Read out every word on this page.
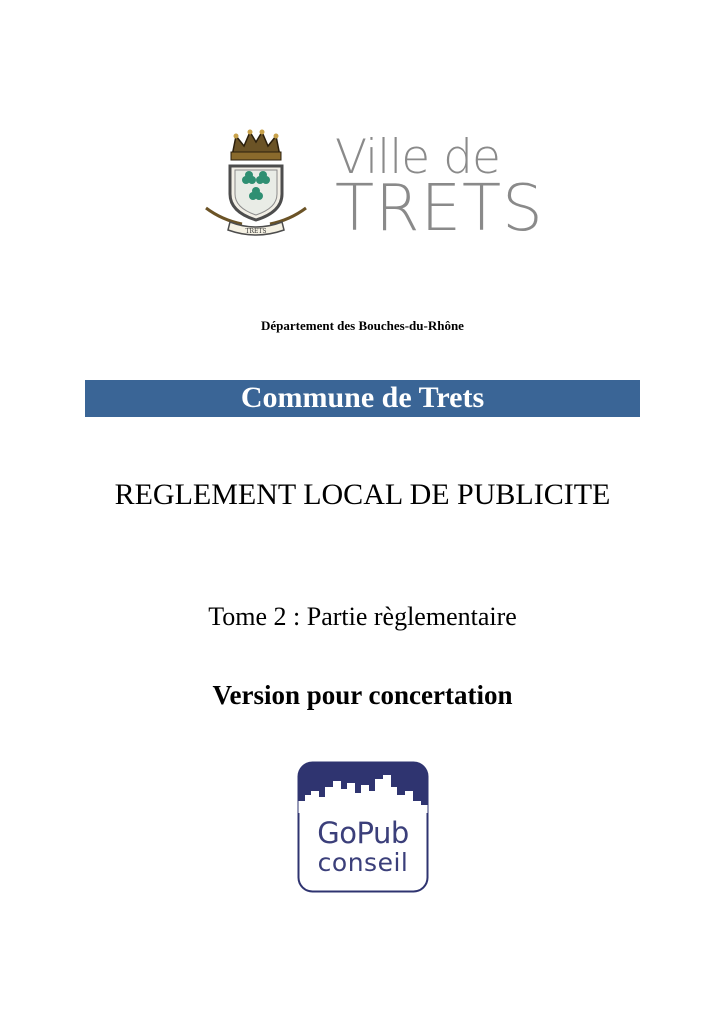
TRETS
Ville de
TRETS
Département des Bouches-du-Rhône
Commune de Trets
REGLEMENT LOCAL DE PUBLICITE
Tome 2 : Partie règlementaire
Version pour concertation
GoPub
conseil
